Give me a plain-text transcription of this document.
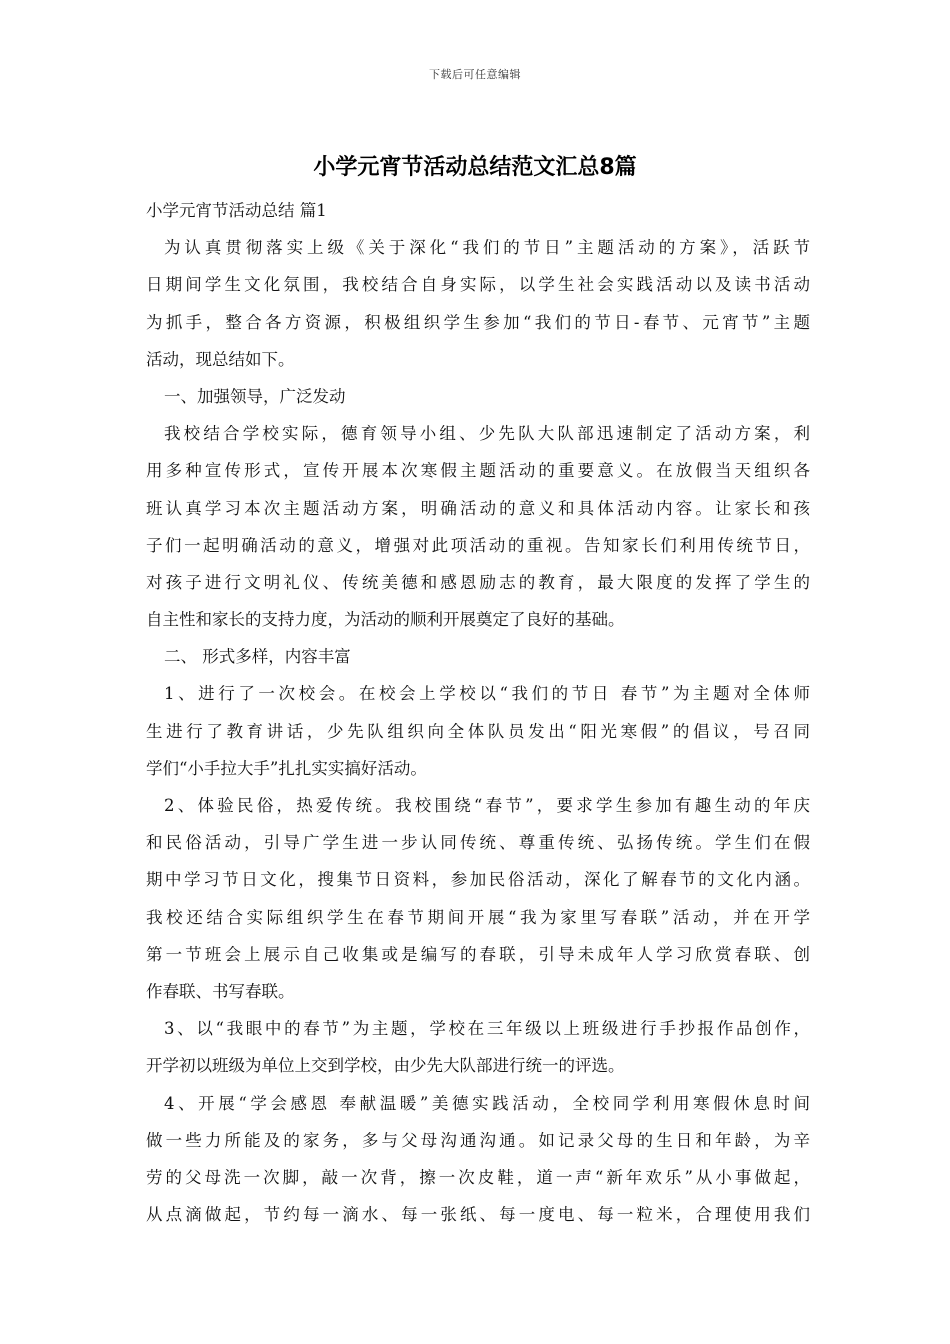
下载后可任意编辑
小学元宵节活动总结范文汇总8篇
小学元宵节活动总结 篇1
为认真贯彻落实上级《关于深化“我们的节日”主题活动的方案》，活跃节
日期间学生文化氛围，我校结合自身实际，以学生社会实践活动以及读书活动
为抓手，整合各方资源，积极组织学生参加“我们的节日-春节、元宵节”主题
活动，现总结如下。
一、加强领导，广泛发动
我校结合学校实际，德育领导小组、少先队大队部迅速制定了活动方案，利
用多种宣传形式，宣传开展本次寒假主题活动的重要意义。在放假当天组织各
班认真学习本次主题活动方案，明确活动的意义和具体活动内容。让家长和孩
子们一起明确活动的意义，增强对此项活动的重视。告知家长们利用传统节日，
对孩子进行文明礼仪、传统美德和感恩励志的教育，最大限度的发挥了学生的
自主性和家长的支持力度，为活动的顺利开展奠定了良好的基础。
二、 形式多样，内容丰富
1、进行了一次校会。在校会上学校以“我们的节日 春节”为主题对全体师
生进行了教育讲话，少先队组织向全体队员发出“阳光寒假”的倡议，号召同
学们“小手拉大手”扎扎实实搞好活动。
2、体验民俗，热爱传统。我校围绕“春节”，要求学生参加有趣生动的年庆
和民俗活动，引导广学生进一步认同传统、尊重传统、弘扬传统。学生们在假
期中学习节日文化，搜集节日资料，参加民俗活动，深化了解春节的文化内涵。
我校还结合实际组织学生在春节期间开展“我为家里写春联”活动，并在开学
第一节班会上展示自己收集或是编写的春联，引导未成年人学习欣赏春联、创
作春联、书写春联。
3、以“我眼中的春节”为主题，学校在三年级以上班级进行手抄报作品创作，
开学初以班级为单位上交到学校，由少先大队部进行统一的评选。
4、开展“学会感恩 奉献温暖”美德实践活动，全校同学利用寒假休息时间
做一些力所能及的家务，多与父母沟通沟通。如记录父母的生日和年龄，为辛
劳的父母洗一次脚，敲一次背，擦一次皮鞋，道一声“新年欢乐”从小事做起，
从点滴做起，节约每一滴水、每一张纸、每一度电、每一粒米，合理使用我们
